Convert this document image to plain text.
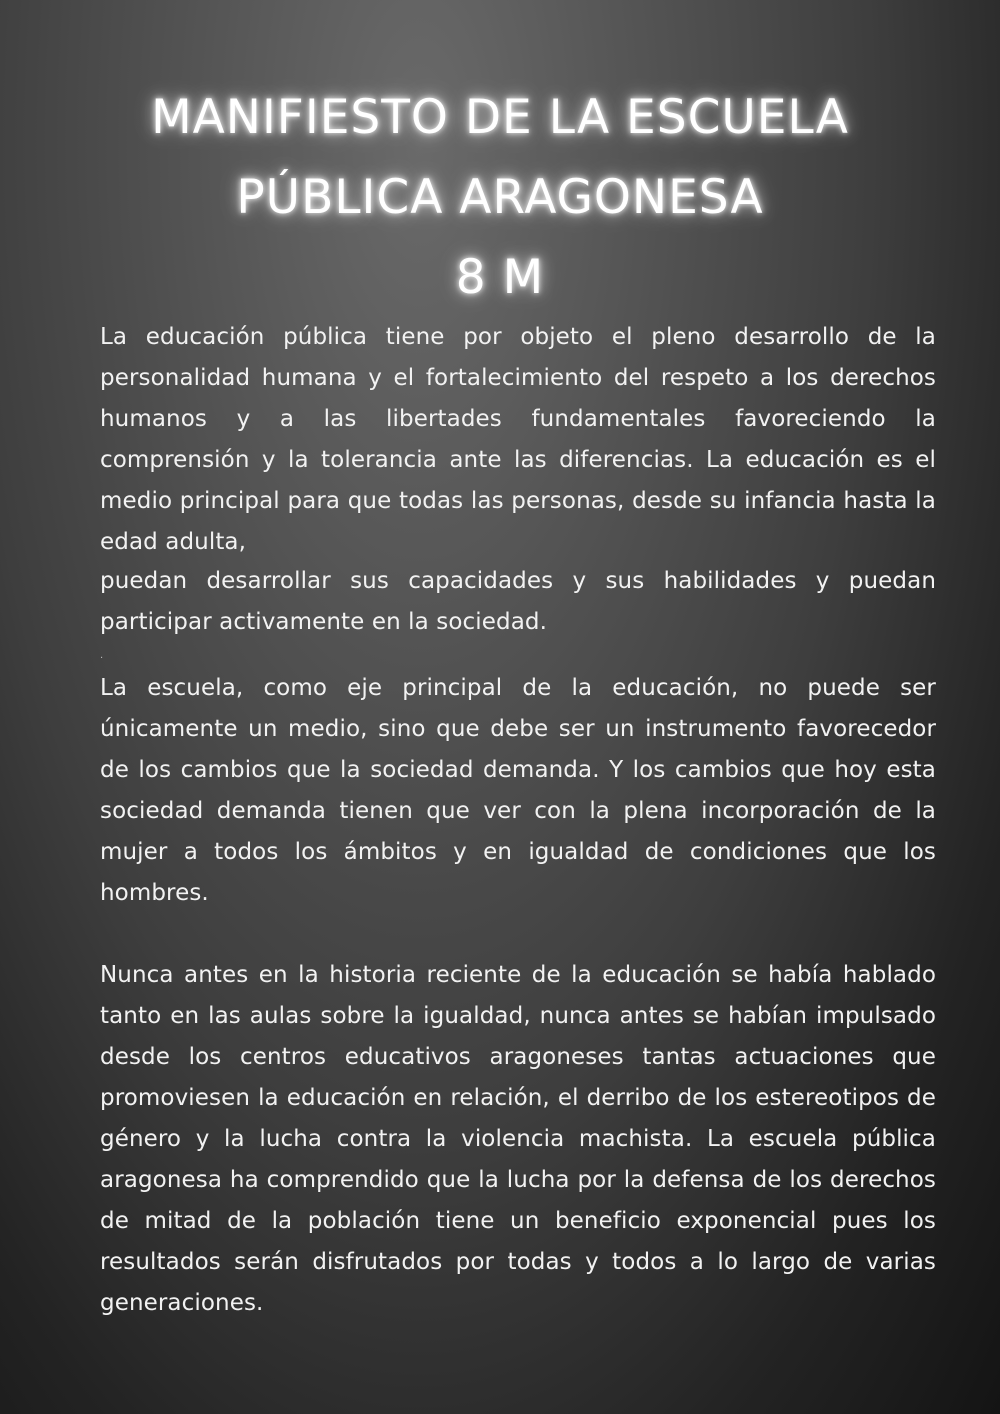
MANIFIESTO DE LA ESCUELA
PÚBLICA ARAGONESA
8 M

La educación pública tiene por objeto el pleno desarrollo de la personalidad humana y el fortalecimiento del respeto a los derechos humanos y a las libertades fundamentales favoreciendo la comprensión y la tolerancia ante las diferencias. La educación es el medio principal para que todas las personas, desde su infancia hasta la edad adulta,

puedan desarrollar sus capacidades y sus habilidades y puedan participar activamente en la sociedad.

.

La escuela, como eje principal de la educación, no puede ser únicamente un medio, sino que debe ser un instrumento favorecedor de los cambios que la sociedad demanda. Y los cambios que hoy esta sociedad demanda tienen que ver con la plena incorporación de la mujer a todos los ámbitos y en igualdad de condiciones que los hombres.

Nunca antes en la historia reciente de la educación se había hablado tanto en las aulas sobre la igualdad, nunca antes se habían impulsado desde los centros educativos aragoneses tantas actuaciones que promoviesen la educación en relación, el derribo de los estereotipos de género y la lucha contra la violencia machista. La escuela pública aragonesa ha comprendido que la lucha por la defensa de los derechos de mitad de la población tiene un beneficio exponencial pues los resultados serán disfrutados por todas y todos a lo largo de varias generaciones.
